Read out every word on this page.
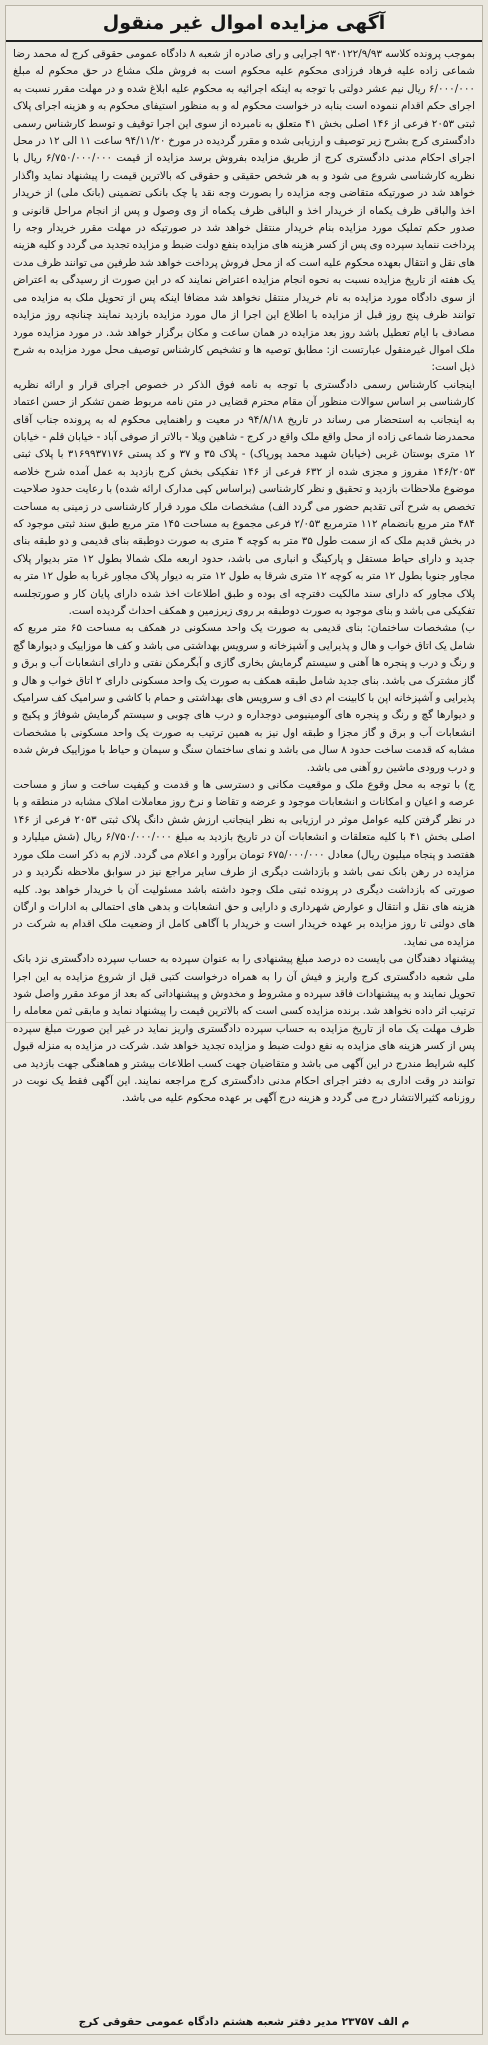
آگهی مزایده اموال غیر منقول

بموجب پرونده کلاسه ۹۳۰۱۲۲/۹/۹۳ اجرایی و رای صادره از شعبه ۸ دادگاه عمومی حقوقی کرج له محمد رضا شماعی زاده علیه فرهاد فرزادی محکوم علیه محکوم است به فروش ملک مشاع در حق محکوم له مبلغ ۶/۰۰۰/۰۰۰ ریال نیم عشر دولتی با توجه به اینکه اجرائیه به محکوم علیه ابلاغ شده و در مهلت مقرر نسبت به اجرای حکم اقدام ننموده است بنابه در خواست محکوم له و به منظور استیفای محکوم به و هزینه اجرای پلاک ثبتی ۲۰۵۳ فرعی از ۱۴۶ اصلی بخش ۴۱ متعلق به نامبرده از سوی این اجرا توقیف و توسط کارشناس رسمی دادگستری کرج بشرح زیر توصیف و ارزیابی شده و مقرر گردیده در مورخ ۹۴/۱۱/۲۰ ساعت ۱۱ الی ۱۲ در محل اجرای احکام مدنی دادگستری کرج از طریق مزایده بفروش برسد مزایده از قیمت ۶/۷۵۰/۰۰۰/۰۰۰ ریال با نظریه کارشناسی شروع می شود و به هر شخص حقیقی و حقوقی که بالاترین قیمت را پیشنهاد نماید واگذار خواهد شد در صورتیکه متقاضی وجه مزایده را بصورت وجه نقد یا چک بانکی تضمینی (بانک ملی) از خریدار اخذ والباقی ظرف یکماه از خریدار اخذ و الباقی ظرف یکماه از وی وصول و پس از انجام مراحل قانونی و صدور حکم تملیک مورد مزایده بنام خریدار منتقل خواهد شد در صورتیکه در مهلت مقرر خریدار وجه را پرداخت ننماید سپرده وی پس از کسر هزینه های مزایده بنفع دولت ضبط و مزایده تجدید می گردد و کلیه هزینه های نقل و انتقال بعهده محکوم علیه است که از محل فروش پرداخت خواهد شد طرفین می توانند ظرف مدت یک هفته از تاریخ مزایده نسبت به نحوه انجام مزایده اعتراض نمایند که در این صورت از رسیدگی به اعتراض از سوی دادگاه مورد مزایده به نام خریدار منتقل نخواهد شد مضافا اینکه پس از تحویل ملک به مزایده می توانند ظرف پنج روز قبل از مزایده با اطلاع این اجرا از مال مورد مزایده بازدید نمایند چنانچه روز مزایده مصادف با ایام تعطیل باشد روز بعد مزایده در همان ساعت و مکان برگزار خواهد شد. در مورد مزایده مورد ملک اموال غیرمنقول عبارتست از: مطابق توصیه ها و تشخیص کارشناس توصیف محل مورد مزایده به شرح ذیل است:

اینجانب کارشناس رسمی دادگستری با توجه به نامه فوق الذکر در خصوص اجرای قرار و ارائه نظریه کارشناسی بر اساس سوالات منظور آن مقام محترم قضایی در متن نامه مربوط ضمن تشکر از حسن اعتماد به اینجانب به استحضار می رساند در تاریخ ۹۴/۸/۱۸ در معیت و راهنمایی محکوم له به پرونده جناب آقای محمدرضا شماعی زاده از محل واقع ملک واقع در کرج - شاهین ویلا - بالاتر از صوفی آباد - خیابان قلم - خیابان ۱۲ متری بوستان غربی (خیابان شهید محمد پورپاک) - پلاک ۳۵ و ۳۷ و کد پستی ۳۱۶۹۹۳۷۱۷۶ با پلاک ثبتی ۱۴۶/۲۰۵۳ مفروز و مجزی شده از ۶۳۲ فرعی از ۱۴۶ تفکیکی بخش کرج بازدید به عمل آمده شرح خلاصه موضوع ملاحظات بازدید و تحقیق و نظر کارشناسی (براساس کپی مدارک ارائه شده) با رعایت حدود صلاحیت تخصص به شرح آتی تقدیم حضور می گردد الف) مشخصات ملک مورد قرار کارشناسی در زمینی به مساحت ۴۸۴ متر مربع بانضمام ۱۱۲ مترمربع ۲/۰۵۳ فرعی مجموع به مساحت ۱۴۵ متر مربع طبق سند ثبتی موجود که در بخش قدیم ملک که از سمت طول ۳۵ متر به کوچه ۴ متری به صورت دوطبقه بنای قدیمی و دو طبقه بنای جدید و دارای حیاط مستقل و پارکینگ و انباری می باشد، حدود اربعه ملک شمالا بطول ۱۲ متر بدیوار پلاک مجاور جنوبا بطول ۱۲ متر به کوچه ۱۲ متری شرقا به طول ۱۲ متر به دیوار پلاک مجاور غربا به طول ۱۲ متر به پلاک مجاور که دارای سند مالکیت دفترچه ای بوده و طبق اطلاعات اخذ شده دارای پایان کار و صورتجلسه تفکیکی می باشد و بنای موجود به صورت دوطبقه بر روی زیرزمین و همکف احداث گردیده است.

ب) مشخصات ساختمان: بنای قدیمی به صورت یک واحد مسکونی در همکف به مساحت ۶۵ متر مربع که شامل یک اتاق خواب و هال و پذیرایی و آشپزخانه و سرویس بهداشتی می باشد و کف ها موزاییک و دیوارها گچ و رنگ و درب و پنجره ها آهنی و سیستم گرمایش بخاری گازی و آبگرمکن نفتی و دارای انشعابات آب و برق و گاز مشترک می باشد. بنای جدید شامل طبقه همکف به صورت یک واحد مسکونی دارای ۲ اتاق خواب و هال و پذیرایی و آشپزخانه اپن با کابینت ام دی اف و سرویس های بهداشتی و حمام با کاشی و سرامیک کف سرامیک و دیوارها گچ و رنگ و پنجره های آلومینیومی دوجداره و درب های چوبی و سیستم گرمایش شوفاژ و پکیج و انشعابات آب و برق و گاز مجزا و طبقه اول نیز به همین ترتیب به صورت یک واحد مسکونی با مشخصات مشابه که قدمت ساخت حدود ۸ سال می باشد و نمای ساختمان سنگ و سیمان و حیاط با موزاییک فرش شده و درب ورودی ماشین رو آهنی می باشد.

ج) با توجه به محل وقوع ملک و موقعیت مکانی و دسترسی ها و قدمت و کیفیت ساخت و ساز و مساحت عرصه و اعیان و امکانات و انشعابات موجود و عرضه و تقاضا و نرخ روز معاملات املاک مشابه در منطقه و با در نظر گرفتن کلیه عوامل موثر در ارزیابی به نظر اینجانب ارزش شش دانگ پلاک ثبتی ۲۰۵۳ فرعی از ۱۴۶ اصلی بخش ۴۱ با کلیه متعلقات و انشعابات آن در تاریخ بازدید به مبلغ ۶/۷۵۰/۰۰۰/۰۰۰ ریال (شش میلیارد و هفتصد و پنجاه میلیون ریال) معادل ۶۷۵/۰۰۰/۰۰۰ تومان برآورد و اعلام می گردد. لازم به ذکر است ملک مورد مزایده در رهن بانک نمی باشد و بازداشت دیگری از طرف سایر مراجع نیز در سوابق ملاحظه نگردید و در صورتی که بازداشت دیگری در پرونده ثبتی ملک وجود داشته باشد مسئولیت آن با خریدار خواهد بود. کلیه هزینه های نقل و انتقال و عوارض شهرداری و دارایی و حق انشعابات و بدهی های احتمالی به ادارات و ارگان های دولتی تا روز مزایده بر عهده خریدار است و خریدار با آگاهی کامل از وضعیت ملک اقدام به شرکت در مزایده می نماید.

پیشنهاد دهندگان می بایست ده درصد مبلغ پیشنهادی را به عنوان سپرده به حساب سپرده دادگستری نزد بانک ملی شعبه دادگستری کرج واریز و فیش آن را به همراه درخواست کتبی قبل از شروع مزایده به این اجرا تحویل نمایند و به پیشنهادات فاقد سپرده و مشروط و مخدوش و پیشنهاداتی که بعد از موعد مقرر واصل شود ترتیب اثر داده نخواهد شد. برنده مزایده کسی است که بالاترین قیمت را پیشنهاد نماید و مابقی ثمن معامله را ظرف مهلت یک ماه از تاریخ مزایده به حساب سپرده دادگستری واریز نماید در غیر این صورت مبلغ سپرده پس از کسر هزینه های مزایده به نفع دولت ضبط و مزایده تجدید خواهد شد. شرکت در مزایده به منزله قبول کلیه شرایط مندرج در این آگهی می باشد و متقاضیان جهت کسب اطلاعات بیشتر و هماهنگی جهت بازدید می توانند در وقت اداری به دفتر اجرای احکام مدنی دادگستری کرج مراجعه نمایند. این آگهی فقط یک نوبت در روزنامه کثیرالانتشار درج می گردد و هزینه درج آگهی بر عهده محکوم علیه می باشد.

م الف ۲۳۷۵۷ مدیر دفتر شعبه هشتم دادگاه عمومی حقوقی کرج
